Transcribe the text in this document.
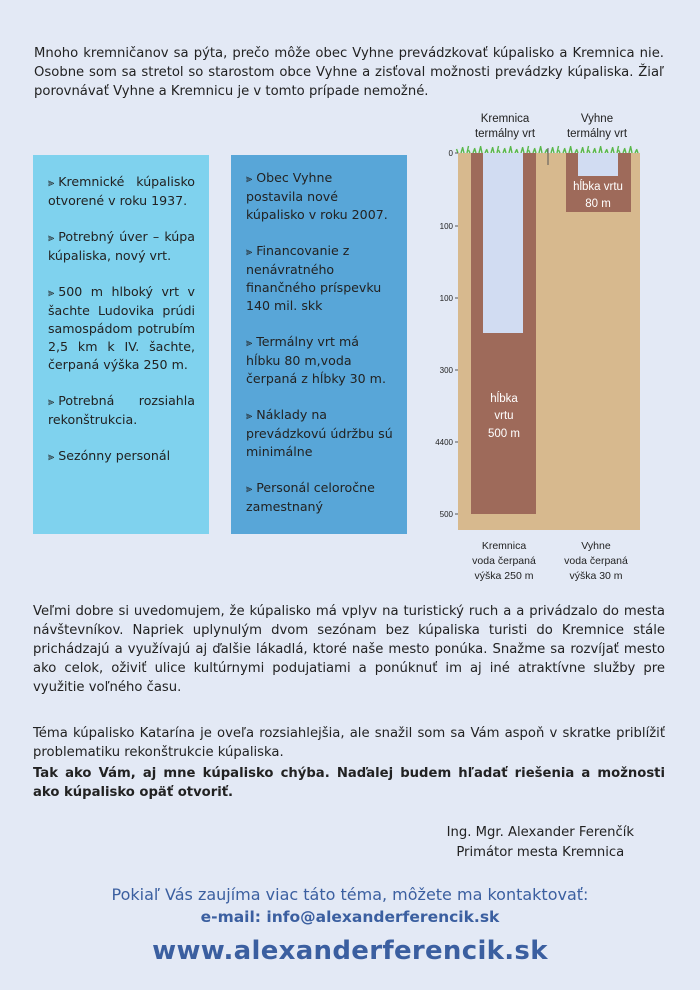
Mnoho kremničanov sa pýta, prečo môže obec Vyhne prevádzkovať kúpalisko a Kremnica nie. Osobne som sa stretol so starostom obce Vyhne a zisťoval možnosti prevádzky kúpaliska. Žiaľ porovnávať Vyhne a Kremnicu je v tomto prípade nemožné.

⫸ Kremnické kúpalisko otvorené v roku 1937.
⫸ Potrebný úver – kúpa kúpaliska, nový vrt.
⫸ 500 m hlboký vrt v šachte Ludovika prúdi samospádom potrubím 2,5 km k IV. šachte, čerpaná výška 250 m.
⫸ Potrebná rozsiahla rekonštrukcia.
⫸ Sezónny personál
⫸ Obec Vyhne postavila nové kúpalisko v roku 2007.
⫸ Financovanie z nenávratného finančného príspevku 140 mil. skk
⫸ Termálny vrt má hĺbku 80 m,voda čerpaná z hĺbky 30 m.
⫸ Náklady na prevádzkovú údržbu sú minimálne
⫸ Personál celoročne zamestnaný
Kremnica
termálny vrt
Vyhne
termálny vrt
hĺbka
vrtu
500 m
hĺbka vrtu
80 m
0
100
100
300
4400
500
Kremnica
voda čerpaná
výška 250 m
Vyhne
voda čerpaná
výška 30 m

Veľmi dobre si uvedomujem, že kúpalisko má vplyv na turistický ruch a a privádzalo do mesta návštevníkov. Napriek uplynulým dvom sezónam bez kúpaliska turisti do Kremnice stále prichádzajú a využívajú aj ďalšie lákadlá, ktoré naše mesto ponúka. Snažme sa rozvíjať mesto ako celok, oživiť ulice kultúrnymi podujatiami a ponúknuť im aj iné atraktívne služby pre využitie voľného času.

Téma kúpalisko Katarína je oveľa rozsiahlejšia, ale snažil som sa Vám aspoň v skratke priblížiť problematiku rekonštrukcie kúpaliska.

Tak ako Vám, aj mne kúpalisko chýba. Naďalej budem hľadať riešenia a možnosti ako kúpalisko opäť otvoriť.

Ing. Mgr. Alexander Ferenčík
Primátor mesta Kremnica
Pokiaľ Vás zaujíma viac táto téma, môžete ma kontaktovať:
e-mail: info@alexanderferencik.sk
www.alexanderferencik.sk
